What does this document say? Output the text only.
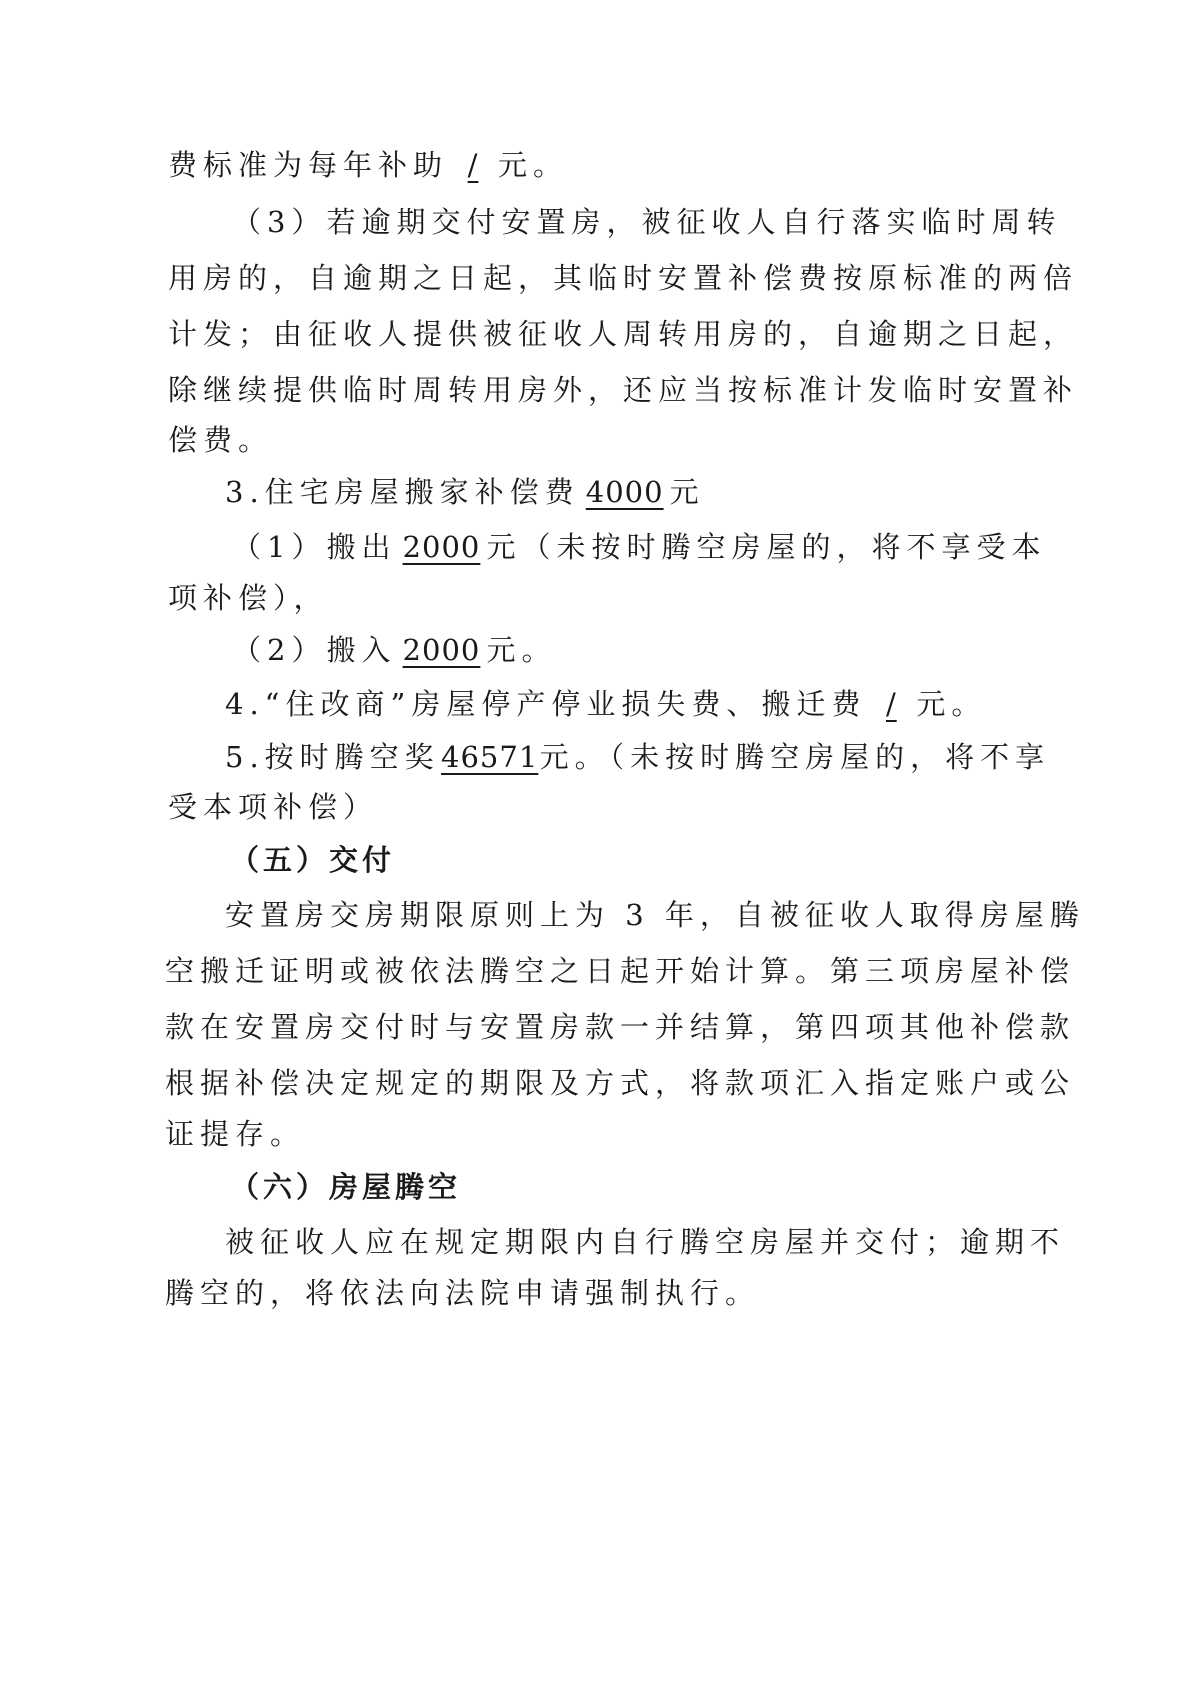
费标准为每年补助 / 元。
（3）若逾期交付安置房，被征收人自行落实临时周转
用房的，自逾期之日起，其临时安置补偿费按原标准的两倍
计发；由征收人提供被征收人周转用房的，自逾期之日起，
除继续提供临时周转用房外，还应当按标准计发临时安置补
偿费。
3.住宅房屋搬家补偿费 4000 元
（1）搬出 2000 元（未按时腾空房屋的，将不享受本
项补偿），
（2）搬入 2000 元。
4.“住改商”房屋停产停业损失费、搬迁费 / 元。
5.按时腾空奖46571元。（未按时腾空房屋的，将不享
受本项补偿）
（五）交付
安置房交房期限原则上为 3 年，自被征收人取得房屋腾
空搬迁证明或被依法腾空之日起开始计算。第三项房屋补偿
款在安置房交付时与安置房款一并结算，第四项其他补偿款
根据补偿决定规定的期限及方式，将款项汇入指定账户或公
证提存。
（六）房屋腾空
被征收人应在规定期限内自行腾空房屋并交付；逾期不
腾空的，将依法向法院申请强制执行。
